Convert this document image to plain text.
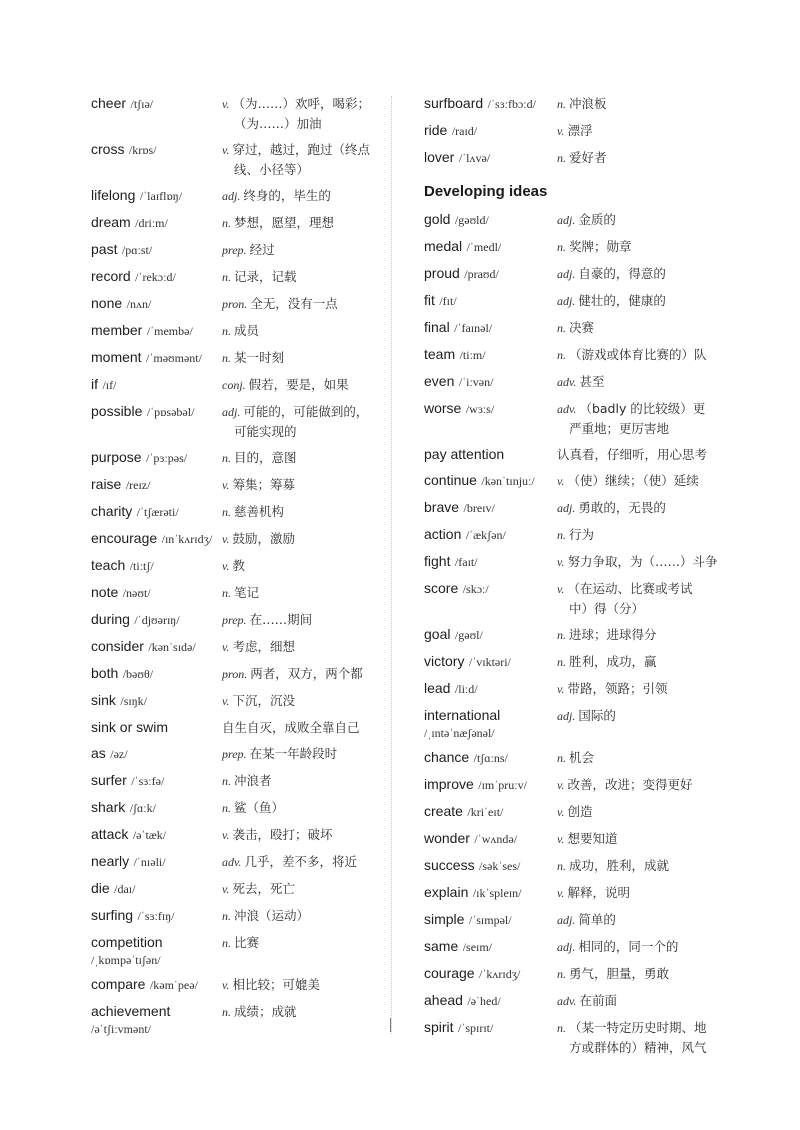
cheer /tʃɪə/	v. （为……）欢呼，喝彩；
（为……）加油
cross /krɒs/	v. 穿过，越过，跑过（终点
线、小径等）
lifelong /ˈlaɪflɒŋ/	adj. 终身的，毕生的
dream /driːm/	n. 梦想，愿望，理想
past /pɑːst/	prep. 经过
record /ˈrekɔːd/	n. 记录，记载
none /nʌn/	pron. 全无，没有一点
member /ˈmembə/	n. 成员
moment /ˈməʊmənt/	n. 某一时刻
if /ɪf/	conj. 假若，要是，如果
possible /ˈpɒsəbəl/	adj. 可能的，可能做到的，
可能实现的
purpose /ˈpɜːpəs/	n. 目的，意图
raise /reɪz/	v. 筹集；筹募
charity /ˈtʃærəti/	n. 慈善机构
encourage /ɪnˈkʌrɪdʒ/ v. 鼓励，激励
teach /tiːtʃ/	v. 教
note /nəʊt/	n. 笔记
during /ˈdjʊərɪŋ/	prep. 在……期间
consider /kənˈsɪdə/	v. 考虑，细想
both /bəʊθ/	pron. 两者，双方，两个都
sink /sɪŋk/	v. 下沉，沉没
sink or swim	自生自灭，成败全靠自己
as /əz/	prep. 在某一年龄段时
surfer /ˈsɜːfə/	n. 冲浪者
shark /ʃɑːk/	n. 鲨（鱼）
attack /əˈtæk/	v. 袭击，殴打；破坏
nearly /ˈnɪəli/	adv. 几乎，差不多，将近
die /daɪ/	v. 死去，死亡
surfing /ˈsɜːfɪŋ/	n. 冲浪（运动）
competition
/ˌkɒmpəˈtɪʃən/
n. 比赛
compare /kəmˈpeə/	v. 相比较；可媲美
achievement
/əˈtʃiːvmənt/
n. 成绩；成就
surfboard /ˈsɜːfbɔːd/	n. 冲浪板
ride /raɪd/	v. 漂浮
lover /ˈlʌvə/	n. 爱好者
Developing ideas
gold /gəʊld/	adj. 金质的
medal /ˈmedl/	n. 奖牌；勋章
proud /praʊd/	adj. 自豪的，得意的
fit /fɪt/	adj. 健壮的，健康的
final /ˈfaɪnəl/	n. 决赛
team /tiːm/	n. （游戏或体育比赛的）队
even /ˈiːvən/	adv. 甚至
worse /wɜːs/	adv. （badly 的比较级）更
严重地；更厉害地
pay attention	认真看，仔细听，用心思考
continue /kənˈtɪnjuː/	v. （使）继续；（使）延续
brave /breɪv/	adj. 勇敢的，无畏的
action /ˈækʃən/	n. 行为
fight /faɪt/	v. 努力争取，为（……）斗争
score /skɔː/	v. （在运动、比赛或考试
中）得（分）
goal /gəʊl/	n. 进球；进球得分
victory /ˈvɪktəri/	n. 胜利，成功，赢
lead /liːd/	v. 带路，领路；引领
international
/ˌɪntəˈnæʃənəl/
adj. 国际的
chance /tʃɑːns/	n. 机会
improve /ɪmˈpruːv/	v. 改善，改进；变得更好
create /kriˈeɪt/	v. 创造
wonder /ˈwʌndə/	v. 想要知道
success /səkˈses/	n. 成功，胜利，成就
explain /ɪkˈspleɪn/	v. 解释，说明
simple /ˈsɪmpəl/	adj. 简单的
same /seɪm/	adj. 相同的，同一个的
courage /ˈkʌrɪdʒ/	n. 勇气，胆量，勇敢
ahead /əˈhed/	adv. 在前面
spirit /ˈspɪrɪt/	n. （某一特定历史时期、地
方或群体的）精神，风气
